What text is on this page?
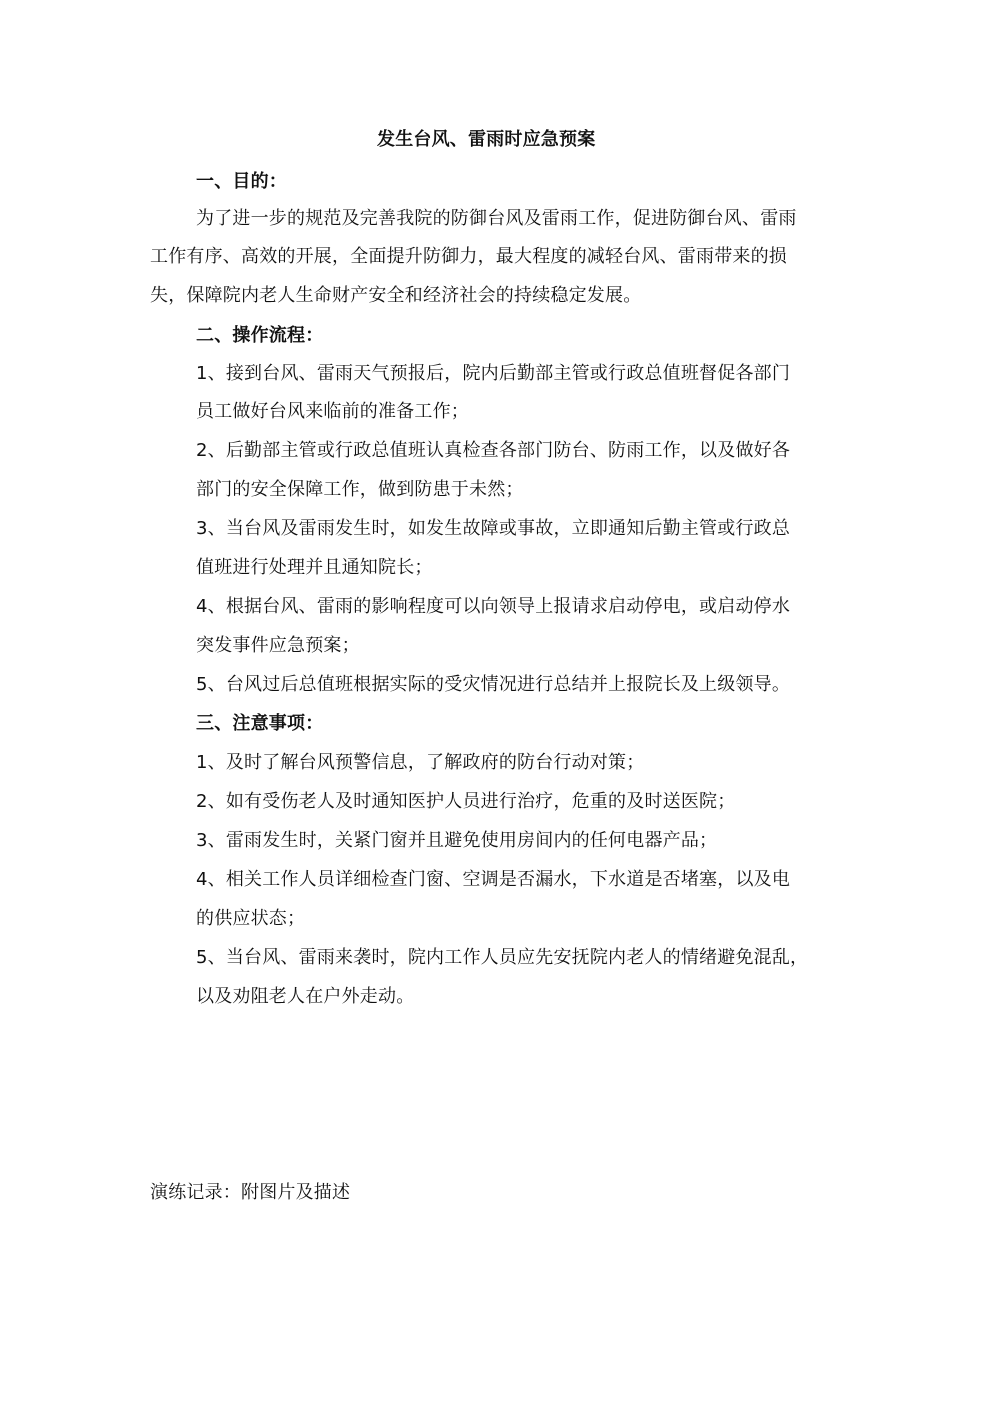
发生台风、雷雨时应急预案
一、目的：
为了进一步的规范及完善我院的防御台风及雷雨工作，促进防御台风、雷雨
工作有序、高效的开展，全面提升防御力，最大程度的减轻台风、雷雨带来的损
失，保障院内老人生命财产安全和经济社会的持续稳定发展。
二、操作流程：
1、接到台风、雷雨天气预报后，院内后勤部主管或行政总值班督促各部门
员工做好台风来临前的准备工作；
2、后勤部主管或行政总值班认真检查各部门防台、防雨工作，以及做好各
部门的安全保障工作，做到防患于未然；
3、当台风及雷雨发生时，如发生故障或事故，立即通知后勤主管或行政总
值班进行处理并且通知院长；
4、根据台风、雷雨的影响程度可以向领导上报请求启动停电，或启动停水
突发事件应急预案；
5、台风过后总值班根据实际的受灾情况进行总结并上报院长及上级领导。
三、注意事项：
1、及时了解台风预警信息，了解政府的防台行动对策；
2、如有受伤老人及时通知医护人员进行治疗，危重的及时送医院；
3、雷雨发生时，关紧门窗并且避免使用房间内的任何电器产品；
4、相关工作人员详细检查门窗、空调是否漏水，下水道是否堵塞，以及电
的供应状态；
5、当台风、雷雨来袭时，院内工作人员应先安抚院内老人的情绪避免混乱，
以及劝阻老人在户外走动。
演练记录：附图片及描述
